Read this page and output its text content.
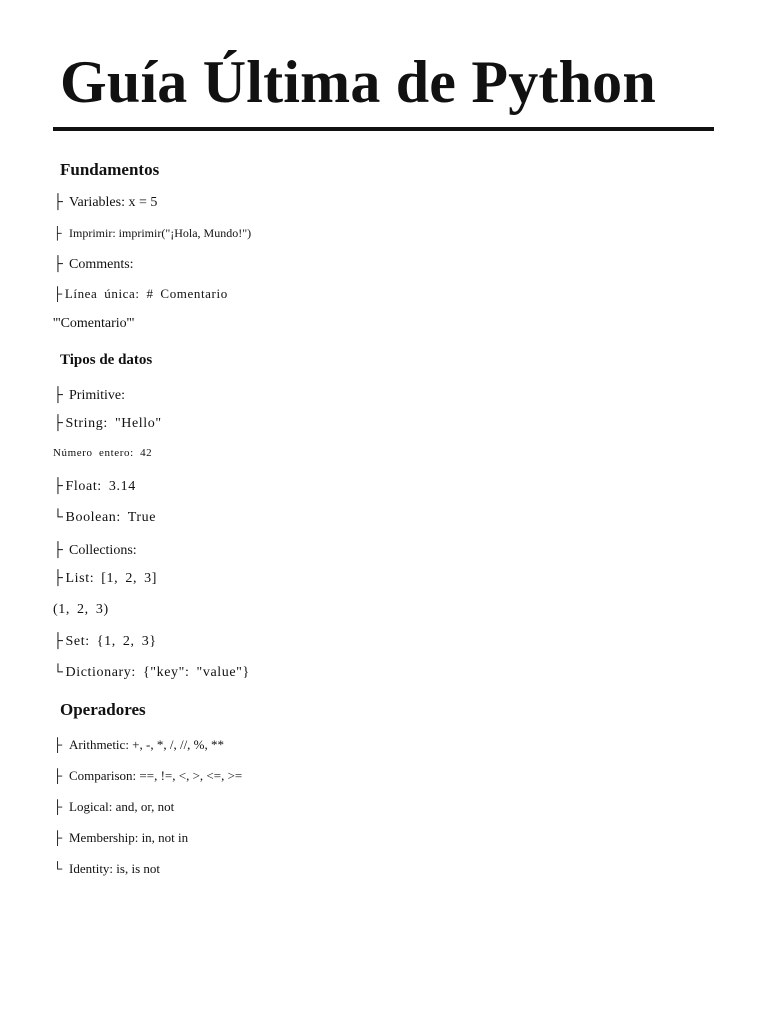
Guía Última de Python
Fundamentos
├ Variables: x = 5
├ Imprimir: imprimir("¡Hola, Mundo!")
├ Comments:
├ Línea única: # Comentario
'''Comentario'''
Tipos de datos
├ Primitive:
├ String: "Hello"
Número entero: 42
├ Float: 3.14
└ Boolean: True
├ Collections:
├ List: [1, 2, 3]
(1, 2, 3)
├ Set: {1, 2, 3}
└ Dictionary: {"key": "value"}
Operadores
├ Arithmetic: +, -, *, /, //, %, **
├ Comparison: ==, !=, <, >, <=, >=
├ Logical: and, or, not
├ Membership: in, not in
└ Identity: is, is not
